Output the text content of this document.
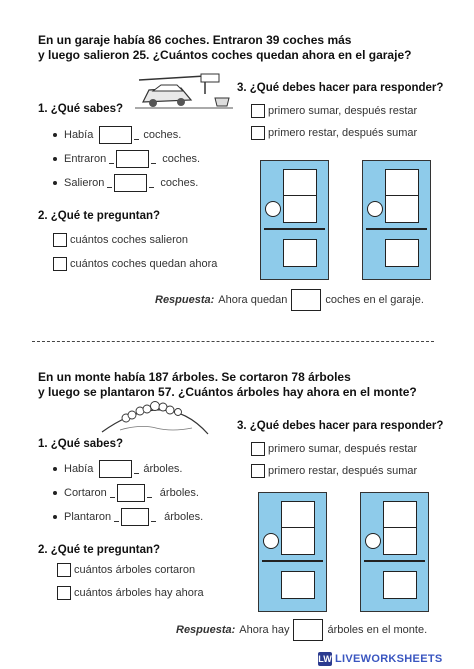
En un garaje había 86 coches. Entraron 39 coches más
y luego salieron 25. ¿Cuántos coches quedan ahora en el garaje?
1. ¿Qué sabes?
Había	coches.
Entraron	coches.
Salieron	coches.
2. ¿Qué te preguntan?
cuántos coches salieron
cuántos coches quedan ahora
3. ¿Qué debes hacer para responder?
primero sumar, después restar
primero restar, después sumar
Respuesta: Ahora quedan	coches en el garaje.
En un monte había 187 árboles. Se cortaron 78 árboles
y luego se plantaron 57. ¿Cuántos árboles hay ahora en el monte?
1. ¿Qué sabes?
Había	árboles.
Cortaron	árboles.
Plantaron	árboles.
2. ¿Qué te preguntan?
cuántos árboles cortaron
cuántos árboles hay ahora
3. ¿Qué debes hacer para responder?
primero sumar, después restar
primero restar, después sumar
Respuesta: Ahora hay	árboles en el monte.
LW LIVEWORKSHEETS
